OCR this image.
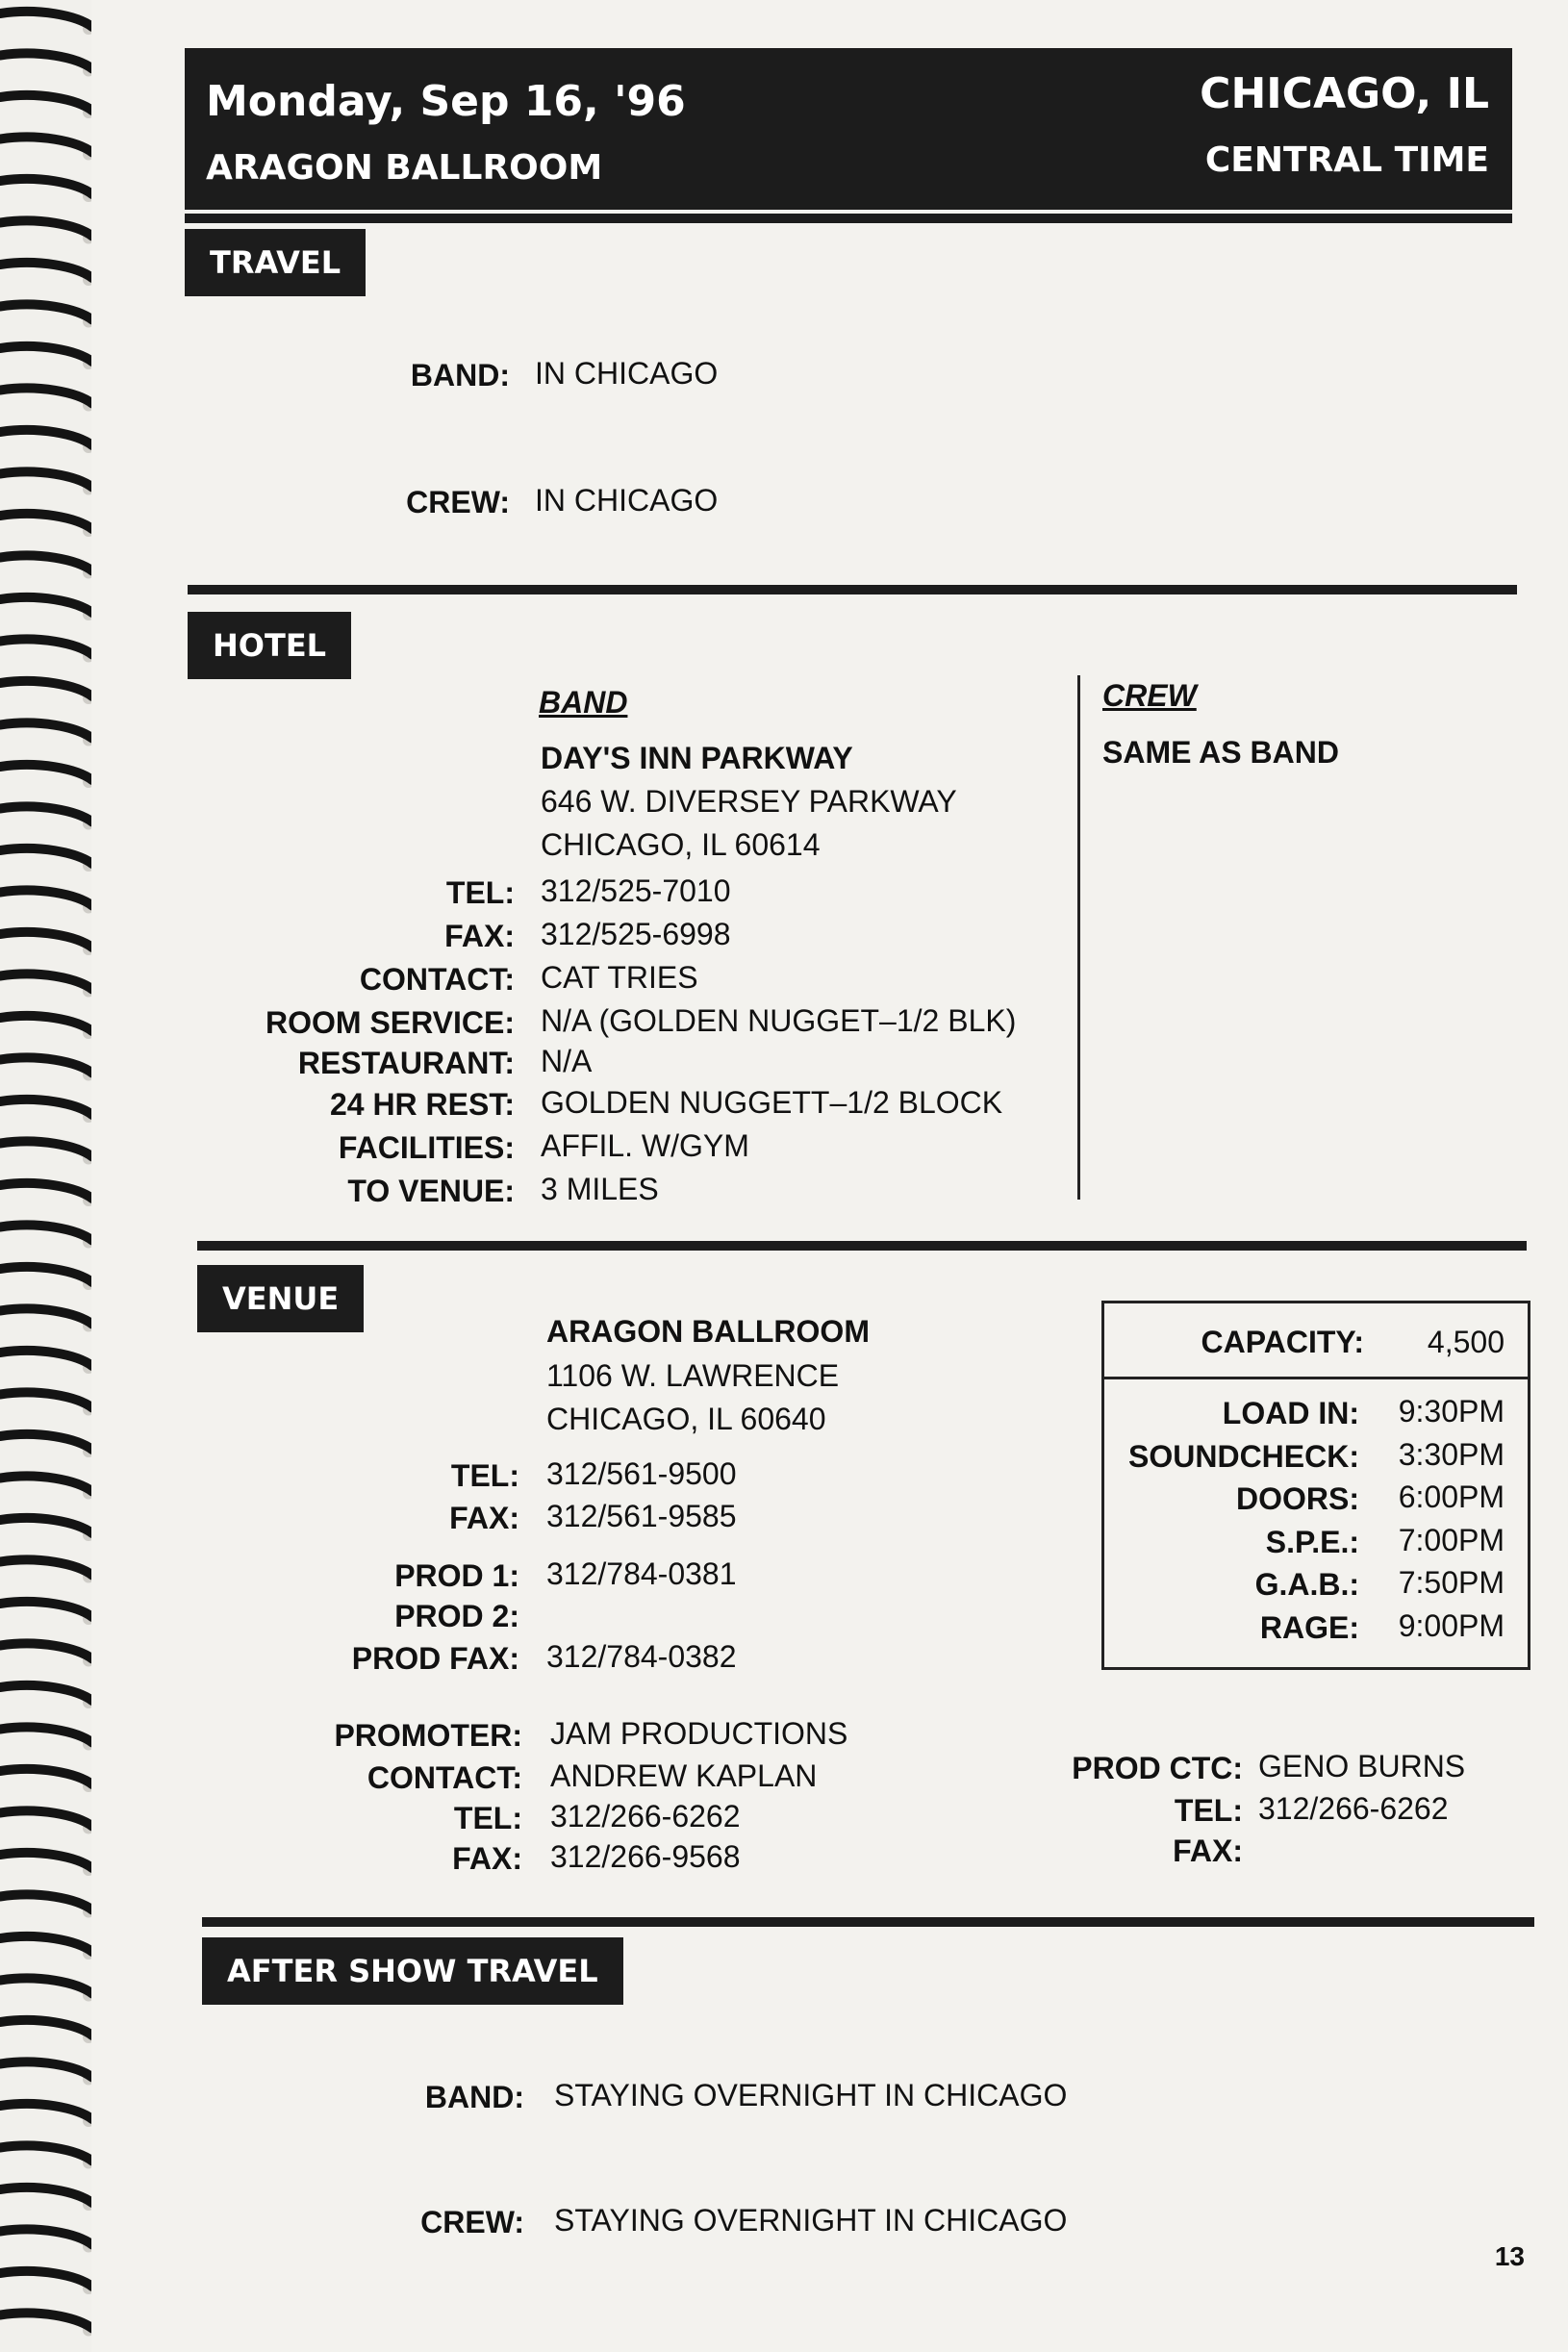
Monday, Sep 16, '96
ARAGON BALLROOM
CHICAGO, IL
CENTRAL TIME
TRAVEL
BAND: IN CHICAGO
CREW: IN CHICAGO
HOTEL
BAND
DAY'S INN PARKWAY
646 W. DIVERSEY PARKWAY
CHICAGO, IL 60614
TEL: 312/525-7010
FAX: 312/525-6998
CONTACT: CAT TRIES
ROOM SERVICE: N/A (GOLDEN NUGGET–1/2 BLK)
RESTAURANT: N/A
24 HR REST: GOLDEN NUGGETT–1/2 BLOCK
FACILITIES: AFFIL. W/GYM
TO VENUE: 3 MILES
CREW
SAME AS BAND
VENUE
ARAGON BALLROOM
1106 W. LAWRENCE
CHICAGO, IL 60640
TEL: 312/561-9500
FAX: 312/561-9585
PROD 1: 312/784-0381
PROD 2:
PROD FAX: 312/784-0382
PROMOTER: JAM PRODUCTIONS
CONTACT: ANDREW KAPLAN
TEL: 312/266-6262
FAX: 312/266-9568
PROD CTC: GENO BURNS
TEL: 312/266-6262
FAX:
CAPACITY: 4,500
LOAD IN: 9:30PM
SOUNDCHECK: 3:30PM
DOORS: 6:00PM
S.P.E.: 7:00PM
G.A.B.: 7:50PM
RAGE: 9:00PM
AFTER SHOW TRAVEL
BAND: STAYING OVERNIGHT IN CHICAGO
CREW: STAYING OVERNIGHT IN CHICAGO
13
